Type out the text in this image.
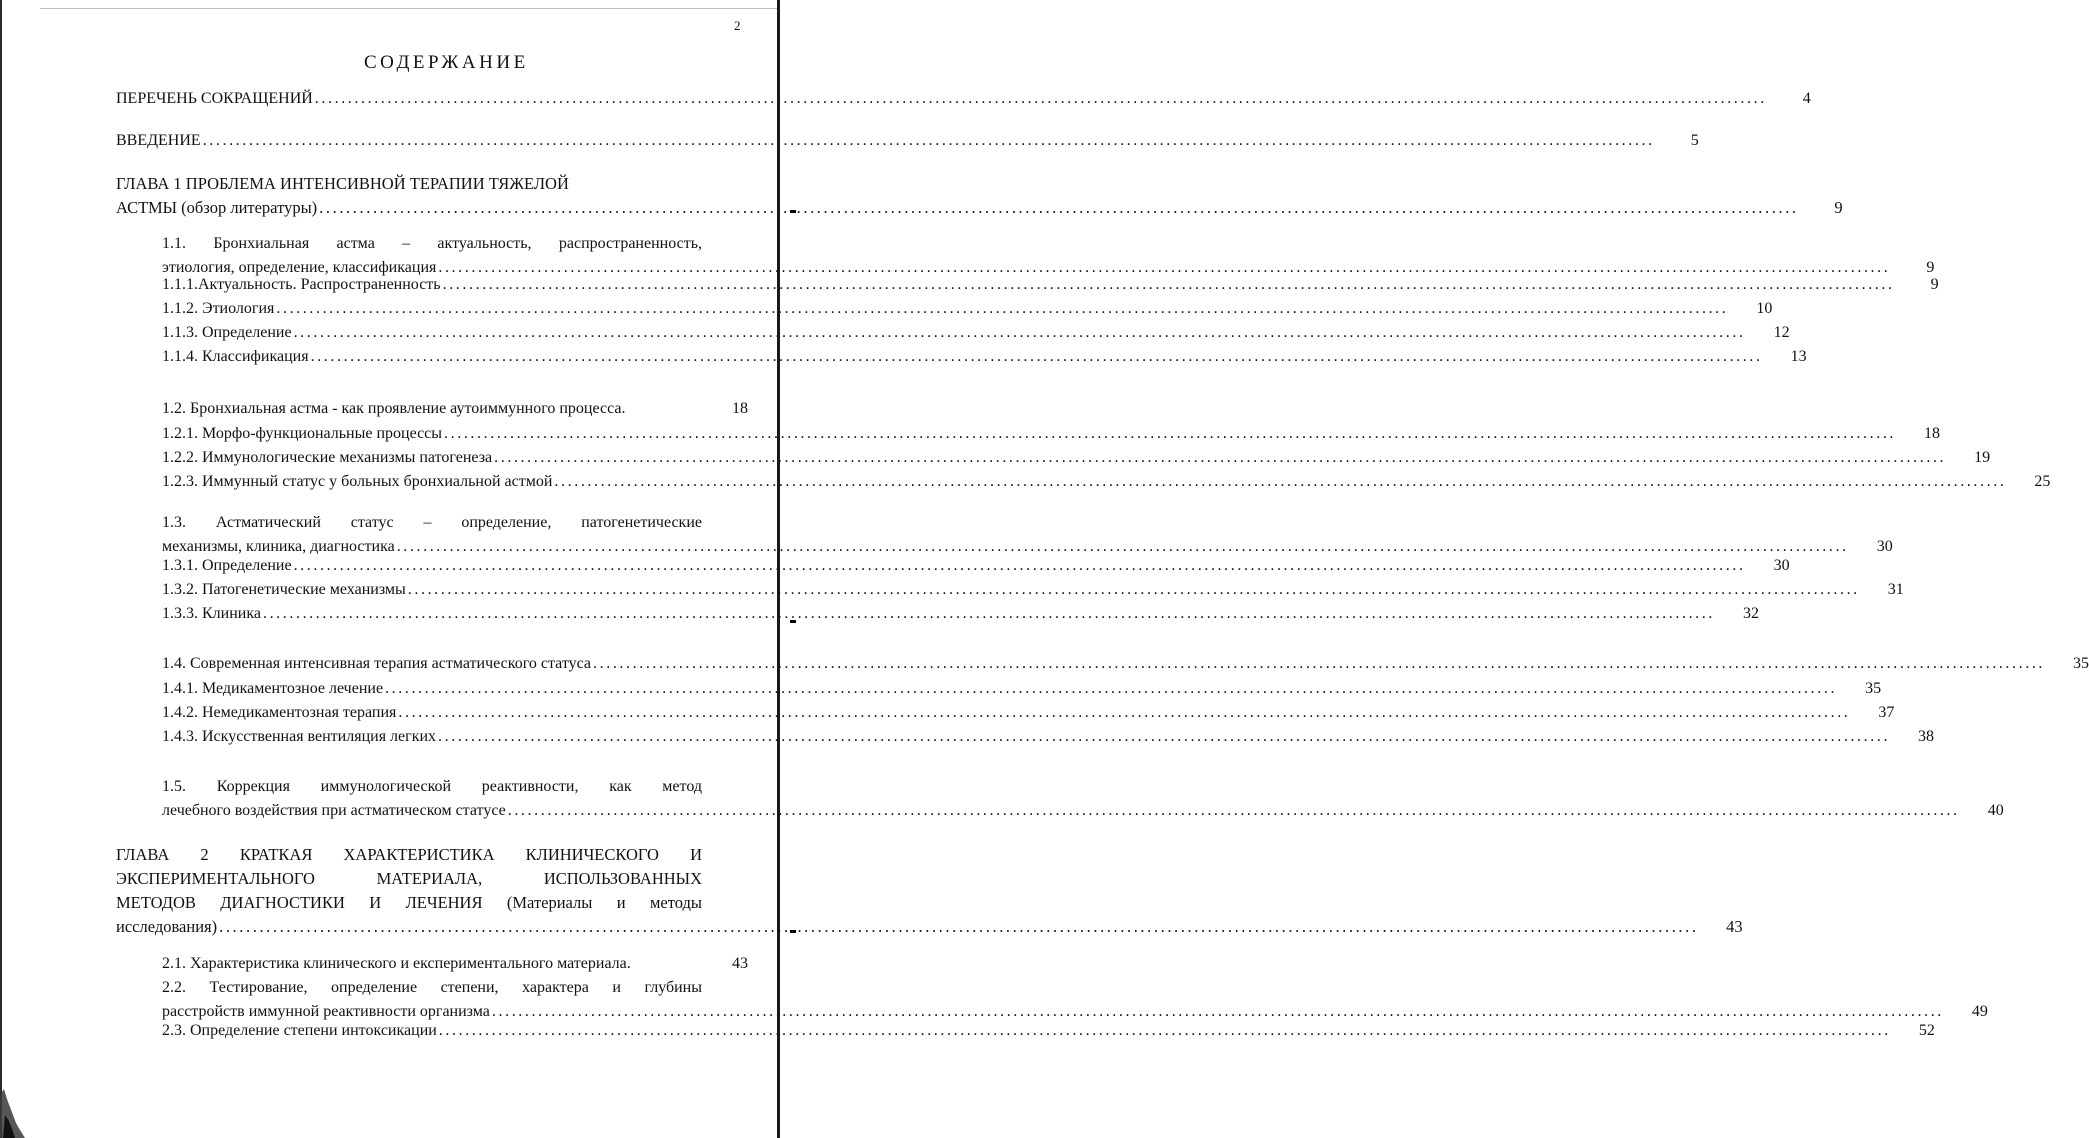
2
СОДЕРЖАНИЕ
ПЕРЕЧЕНЬ СОКРАЩЕНИЙ ............................................................................................................................................................................................................................	4
ВВЕДЕНИЕ ............................................................................................................................................................................................................................	5
ГЛАВА 1 ПРОБЛЕМА ИНТЕНСИВНОЙ ТЕРАПИИ ТЯЖЕЛОЙ
АСТМЫ (обзор литературы) ............................................................................................................................................................................................................................	9
1.1. Бронхиальная астма – актуальность, распространенность,
этиология, определение, классификация ............................................................................................................................................................................................................................	9
1.1.1.Актуальность. Распространенность ............................................................................................................................................................................................................................	9
1.1.2. Этиология ............................................................................................................................................................................................................................	10
1.1.3. Определение ............................................................................................................................................................................................................................	12
1.1.4. Классификация ............................................................................................................................................................................................................................	13
1.2. Бронхиальная астма - как проявление аутоиммунного процесса.	18
1.2.1. Морфо-функциональные процессы ............................................................................................................................................................................................................................	18
1.2.2. Иммунологические механизмы патогенеза ............................................................................................................................................................................................................................	19
1.2.3. Иммунный статус у больных бронхиальной астмой ............................................................................................................................................................................................................................	25
1.3. Астматический статус – определение, патогенетические
механизмы, клиника, диагностика ............................................................................................................................................................................................................................	30
1.3.1. Определение ............................................................................................................................................................................................................................	30
1.3.2. Патогенетические механизмы ............................................................................................................................................................................................................................	31
1.3.3. Клиника ............................................................................................................................................................................................................................	32
1.4. Современная интенсивная терапия астматического статуса ............................................................................................................................................................................................................................	35
1.4.1. Медикаментозное лечение ............................................................................................................................................................................................................................	35
1.4.2. Немедикаментозная терапия ............................................................................................................................................................................................................................	37
1.4.3. Искусственная вентиляция легких ............................................................................................................................................................................................................................	38
1.5. Коррекция иммунологической реактивности, как метод
лечебного воздействия при астматическом статусе ............................................................................................................................................................................................................................	40
ГЛАВА 2 КРАТКАЯ ХАРАКТЕРИСТИКА КЛИНИЧЕСКОГО И
ЭКСПЕРИМЕНТАЛЬНОГО МАТЕРИАЛА, ИСПОЛЬЗОВАННЫХ
МЕТОДОВ ДИАГНОСТИКИ И ЛЕЧЕНИЯ (Материалы и методы
исследования) ............................................................................................................................................................................................................................	43
2.1. Характеристика клинического и експериментального материала.	43
2.2. Тестирование, определение степени, характера и глубины
расстройств иммунной реактивности организма ............................................................................................................................................................................................................................	49
2.3. Определение степени интоксикации ............................................................................................................................................................................................................................	52
